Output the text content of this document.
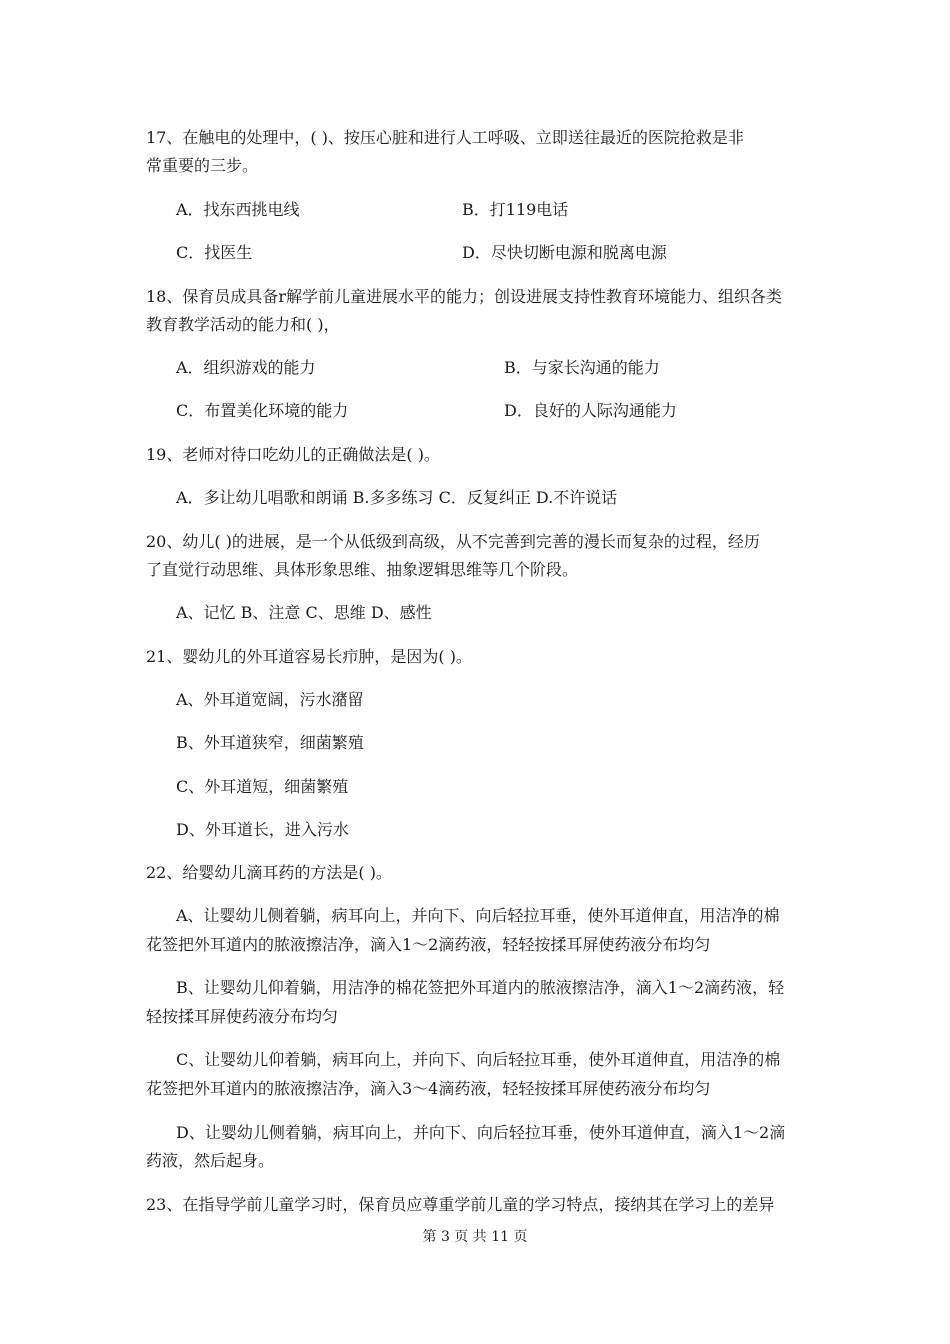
17、在触电的处理中，( )、按压心脏和进行人工呼吸、立即送往最近的医院抢救是非
常重要的三步。
A．找东西挑电线	B．打119电话
C．找医生	D．尽快切断电源和脱离电源
18、保育员成具备r解学前儿童进展水平的能力；创设进展支持性教育环境能力、组织各类
教育教学活动的能力和( )，
A．组织游戏的能力	B．与家长沟通的能力
C．布置美化环境的能力	D．良好的人际沟通能力
19、老师对待口吃幼儿的正确做法是( )。
A．多让幼儿唱歌和朗诵 B.多多练习 C．反复纠正 D.不许说话
20、幼儿( )的进展，是一个从低级到高级，从不完善到完善的漫长而复杂的过程，经历
了直觉行动思维、具体形象思维、抽象逻辑思维等几个阶段。
A、记忆 B、注意 C、思维 D、感性
21、婴幼儿的外耳道容易长疖肿，是因为( )。
A、外耳道宽阔，污水潴留
B、外耳道狭窄，细菌繁殖
C、外耳道短，细菌繁殖
D、外耳道长，进入污水
22、给婴幼儿滴耳药的方法是( )。
A、让婴幼儿侧着躺，病耳向上，并向下、向后轻拉耳垂，使外耳道伸直，用洁净的棉
花签把外耳道内的脓液擦洁净，滴入1～2滴药液，轻轻按揉耳屏使药液分布均匀
B、让婴幼儿仰着躺，用洁净的棉花签把外耳道内的脓液擦洁净，滴入1～2滴药液，轻
轻按揉耳屏使药液分布均匀
C、让婴幼儿仰着躺，病耳向上，并向下、向后轻拉耳垂，使外耳道伸直，用洁净的棉
花签把外耳道内的脓液擦洁净，滴入3～4滴药液，轻轻按揉耳屏使药液分布均匀
D、让婴幼儿侧着躺，病耳向上，并向下、向后轻拉耳垂，使外耳道伸直，滴入1～2滴
药液，然后起身。
23、在指导学前儿童学习时，保育员应尊重学前儿童的学习特点，接纳其在学习上的差异
第 3 页 共 11 页
